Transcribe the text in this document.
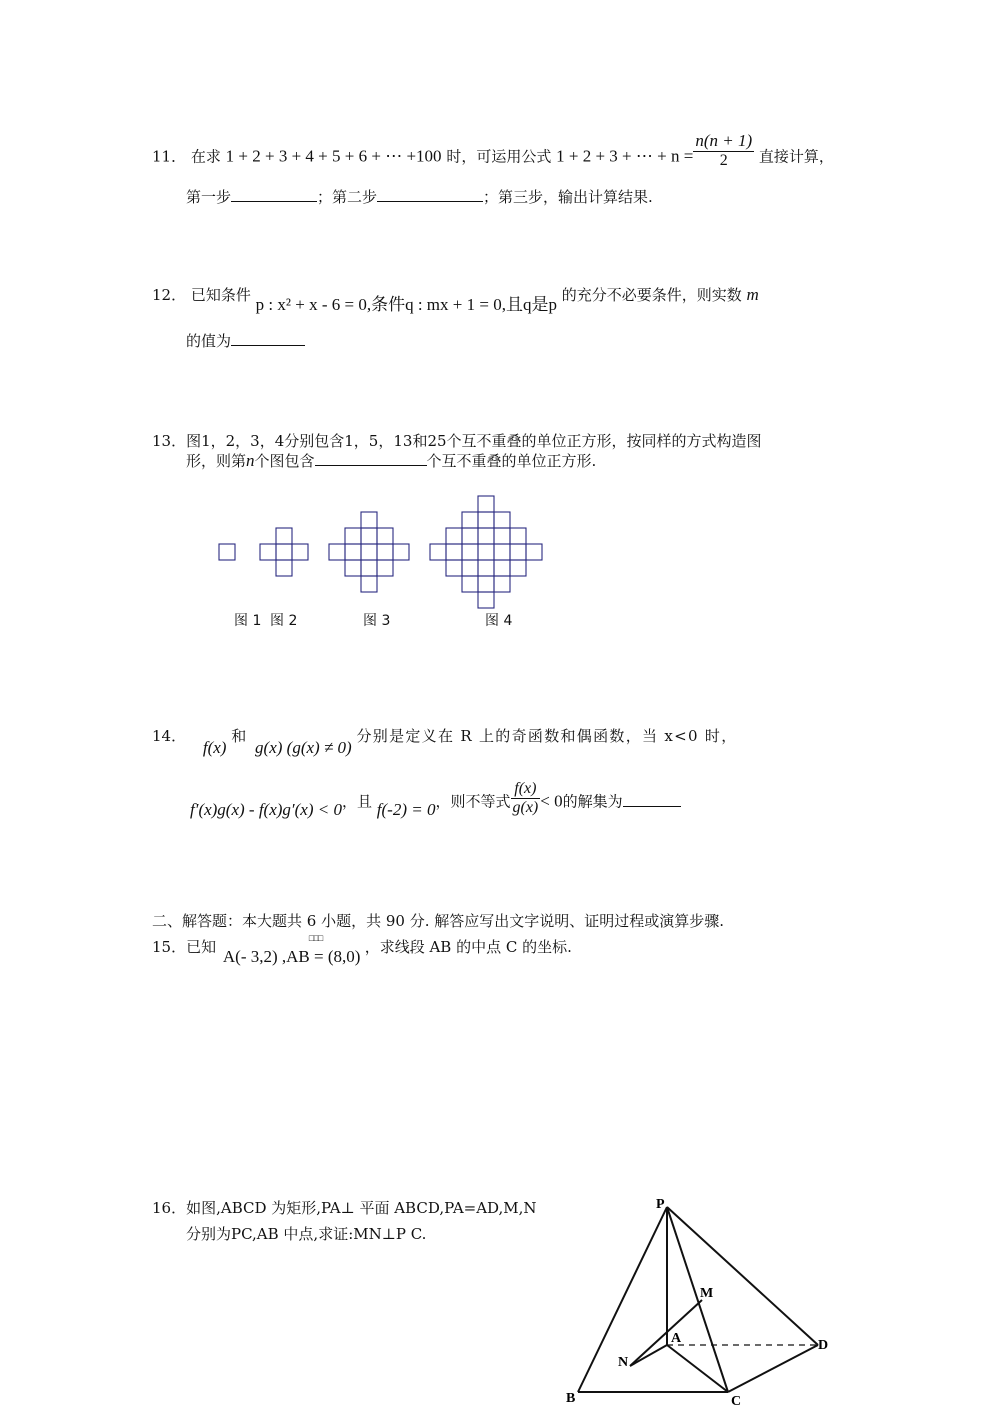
11． 在求 1 + 2 + 3 + 4 + 5 + 6 + ⋯ +100 时，可运用公式 1 + 2 + 3 + ⋯ + $n = \frac{n(n + 1)}{2}$ 直接计算，
第一步	；第二步	；第三步，输出计算结果.
12． 已知条件 p : x² + x - 6 = 0,条件q : mx + 1 = 0,且q是p 的充分不必要条件，则实数 m
的值为
13．图1，2，3，4分别包含1，5，13和25个互不重叠的单位正方形，按同样的方式构造图
形，则第n个图包含	个互不重叠的单位正方形.
图 1 图 2	图 3	图 4
14． f(x) 和 g(x) (g(x) ≠ 0) 分别是定义在 R 上的奇函数和偶函数，当 x<0 时，
f′(x)g(x) - f(x)g′(x) < 0，且 f(-2) = 0，则不等式 $\frac{f(x)}{g(x)} < 0$的解集为
二、解答题：本大题共 6 小题，共 90 分. 解答应写出文字说明、证明过程或演算步骤.
15．已知 A(- 3,2) ,AB = (8,0)
□□□	，求线段 AB 的中点 C 的坐标.
16．如图,ABCD 为矩形,PA⊥ 平面 ABCD,PA=AD,M,N
分别为PC,AB 中点,求证:MN⊥P C.
P
M
A	D
N
B	C
